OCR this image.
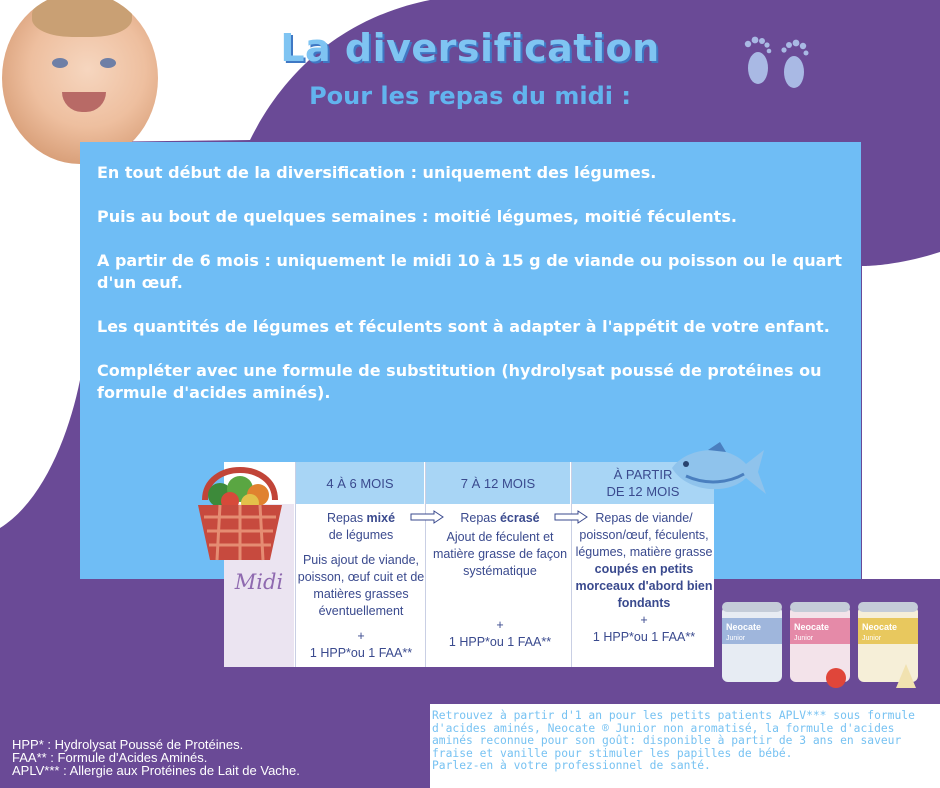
La diversification
Pour les repas du midi :

En tout début de la diversification : uniquement des légumes.

Puis au bout de quelques semaines : moitié légumes, moitié féculents.

A partir de 6 mois : uniquement le midi 10 à 15 g de viande ou poisson ou le quart d'un œuf.

Les quantités de légumes et féculents sont à adapter à l'appétit de votre enfant.

Compléter avec une formule de substitution (hydrolysat poussé de protéines ou formule d'acides aminés).

4 À 6 MOIS	7 À 12 MOIS
À PARTIR
DE 12 MOIS
Midi
Repas mixé
de légumes
Puis ajout de viande, poisson, œuf cuit et de matières grasses éventuellement
+
1 HPP*ou 1 FAA**
Repas écrasé
Ajout de féculent et matière grasse de façon systématique
+
1 HPP*ou 1 FAA**
Repas de viande/ poisson/œuf, féculents, légumes, matière grasse
coupés en petits morceaux d'abord bien fondants
+
1 HPP*ou 1 FAA**
Neocate
Junior
Neocate
Junior
Neocate
Junior
HPP* : Hydrolysat Poussé de Protéines.
FAA** : Formule d'Acides Aminés.
APLV*** : Allergie aux Protéines de Lait de Vache.
Retrouvez à partir d'1 an pour les petits patients APLV*** sous formule d'acides aminés, Neocate ® Junior non aromatisé, la formule d'acides aminés reconnue pour son goût: disponible à partir de 3 ans en saveur fraise et vanille pour stimuler les papilles de bébé.
Parlez-en à votre professionnel de santé.
